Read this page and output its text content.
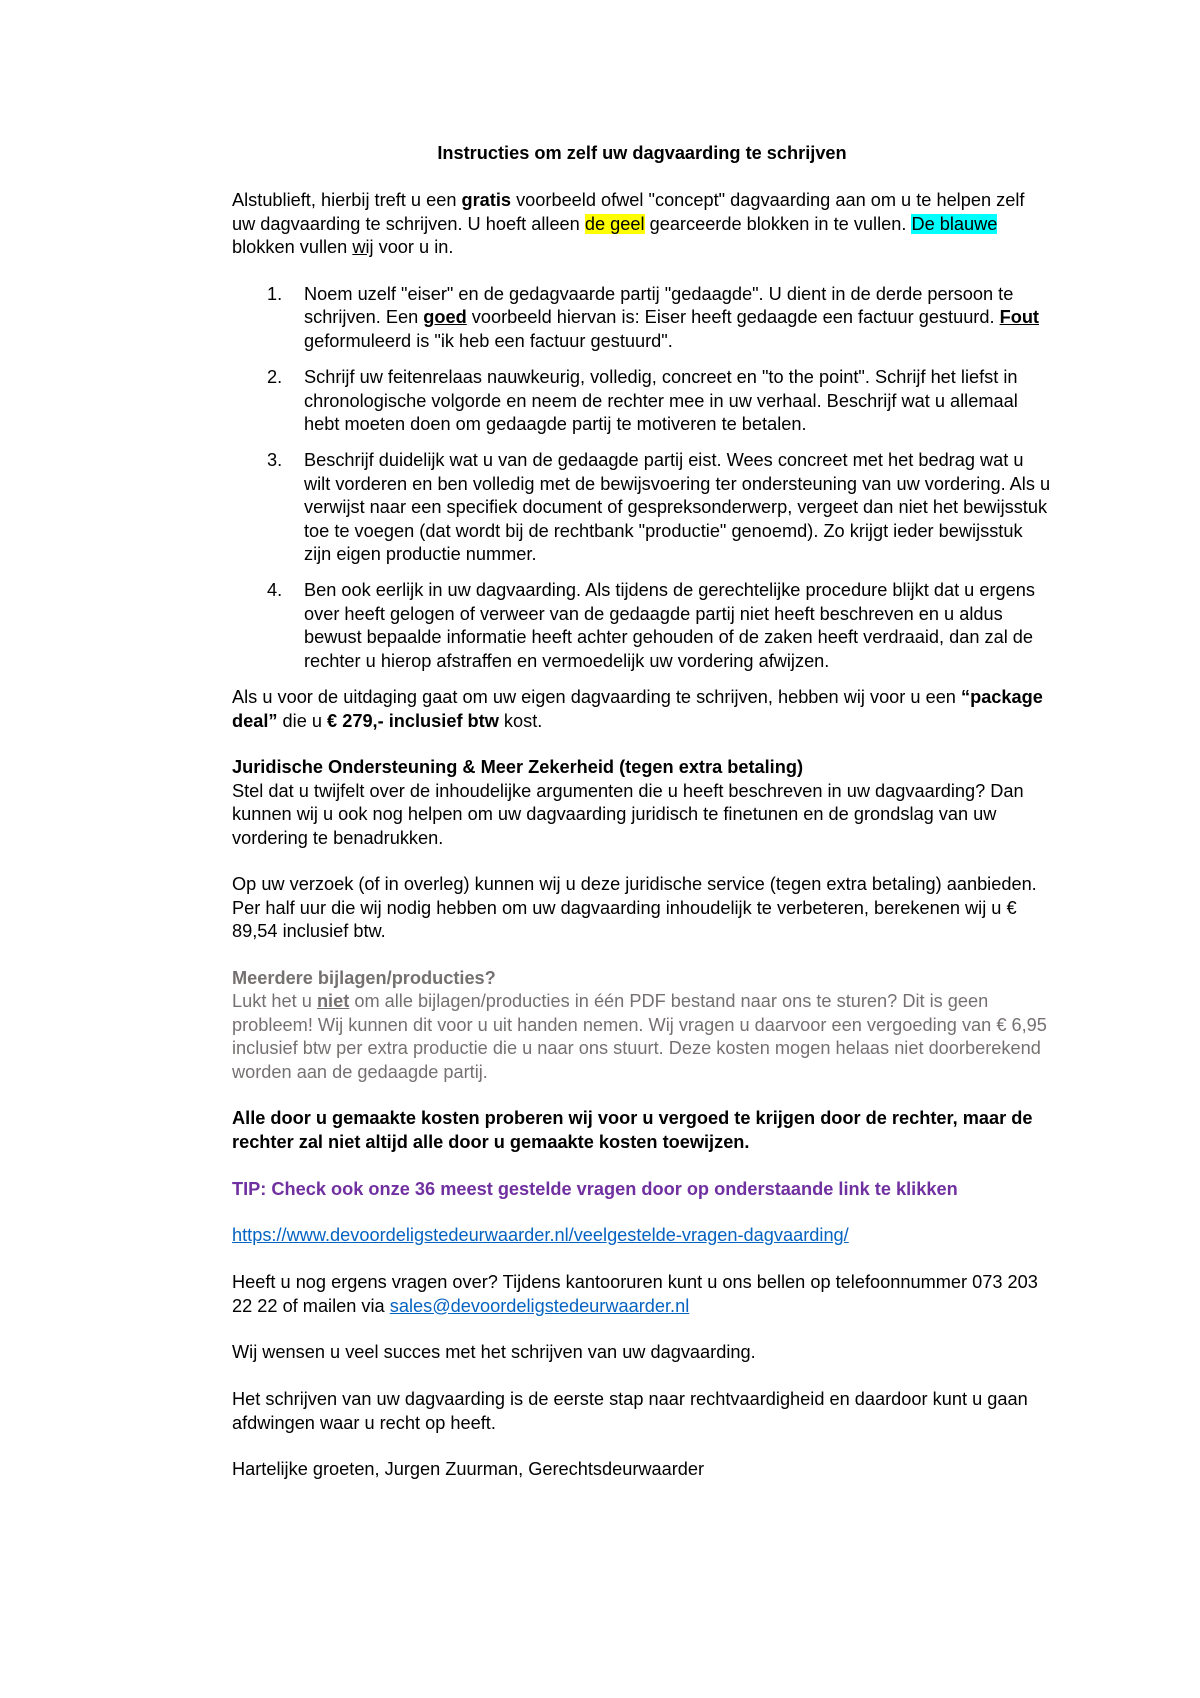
Instructies om zelf uw dagvaarding te schrijven

Alstublieft, hierbij treft u een gratis voorbeeld ofwel "concept" dagvaarding aan om u te helpen zelf uw dagvaarding te schrijven. U hoeft alleen de geel gearceerde blokken in te vullen. De blauwe blokken vullen wij voor u in.

1. Noem uzelf "eiser" en de gedagvaarde partij "gedaagde". U dient in de derde persoon te schrijven. Een goed voorbeeld hiervan is: Eiser heeft gedaagde een factuur gestuurd. Fout geformuleerd is "ik heb een factuur gestuurd".
2. Schrijf uw feitenrelaas nauwkeurig, volledig, concreet en "to the point". Schrijf het liefst in chronologische volgorde en neem de rechter mee in uw verhaal. Beschrijf wat u allemaal hebt moeten doen om gedaagde partij te motiveren te betalen.
3. Beschrijf duidelijk wat u van de gedaagde partij eist. Wees concreet met het bedrag wat u wilt vorderen en ben volledig met de bewijsvoering ter ondersteuning van uw vordering. Als u verwijst naar een specifiek document of gespreksonderwerp, vergeet dan niet het bewijsstuk toe te voegen (dat wordt bij de rechtbank "productie" genoemd). Zo krijgt ieder bewijsstuk zijn eigen productie nummer.
4. Ben ook eerlijk in uw dagvaarding. Als tijdens de gerechtelijke procedure blijkt dat u ergens over heeft gelogen of verweer van de gedaagde partij niet heeft beschreven en u aldus bewust bepaalde informatie heeft achter gehouden of de zaken heeft verdraaid, dan zal de rechter u hierop afstraffen en vermoedelijk uw vordering afwijzen.

Als u voor de uitdaging gaat om uw eigen dagvaarding te schrijven, hebben wij voor u een “package deal” die u € 279,- inclusief btw kost.

Juridische Ondersteuning & Meer Zekerheid (tegen extra betaling)

Stel dat u twijfelt over de inhoudelijke argumenten die u heeft beschreven in uw dagvaarding? Dan kunnen wij u ook nog helpen om uw dagvaarding juridisch te finetunen en de grondslag van uw vordering te benadrukken.

Op uw verzoek (of in overleg) kunnen wij u deze juridische service (tegen extra betaling) aanbieden. Per half uur die wij nodig hebben om uw dagvaarding inhoudelijk te verbeteren, berekenen wij u € 89,54 inclusief btw.

Meerdere bijlagen/producties?

Lukt het u niet om alle bijlagen/producties in één PDF bestand naar ons te sturen? Dit is geen probleem! Wij kunnen dit voor u uit handen nemen. Wij vragen u daarvoor een vergoeding van € 6,95 inclusief btw per extra productie die u naar ons stuurt. Deze kosten mogen helaas niet doorberekend worden aan de gedaagde partij.

Alle door u gemaakte kosten proberen wij voor u vergoed te krijgen door de rechter, maar de rechter zal niet altijd alle door u gemaakte kosten toewijzen.

TIP: Check ook onze 36 meest gestelde vragen door op onderstaande link te klikken

https://www.devoordeligstedeurwaarder.nl/veelgestelde-vragen-dagvaarding/

Heeft u nog ergens vragen over? Tijdens kantooruren kunt u ons bellen op telefoonnummer 073 203 22 22 of mailen via sales@devoordeligstedeurwaarder.nl

Wij wensen u veel succes met het schrijven van uw dagvaarding.

Het schrijven van uw dagvaarding is de eerste stap naar rechtvaardigheid en daardoor kunt u gaan afdwingen waar u recht op heeft.

Hartelijke groeten, Jurgen Zuurman, Gerechtsdeurwaarder
